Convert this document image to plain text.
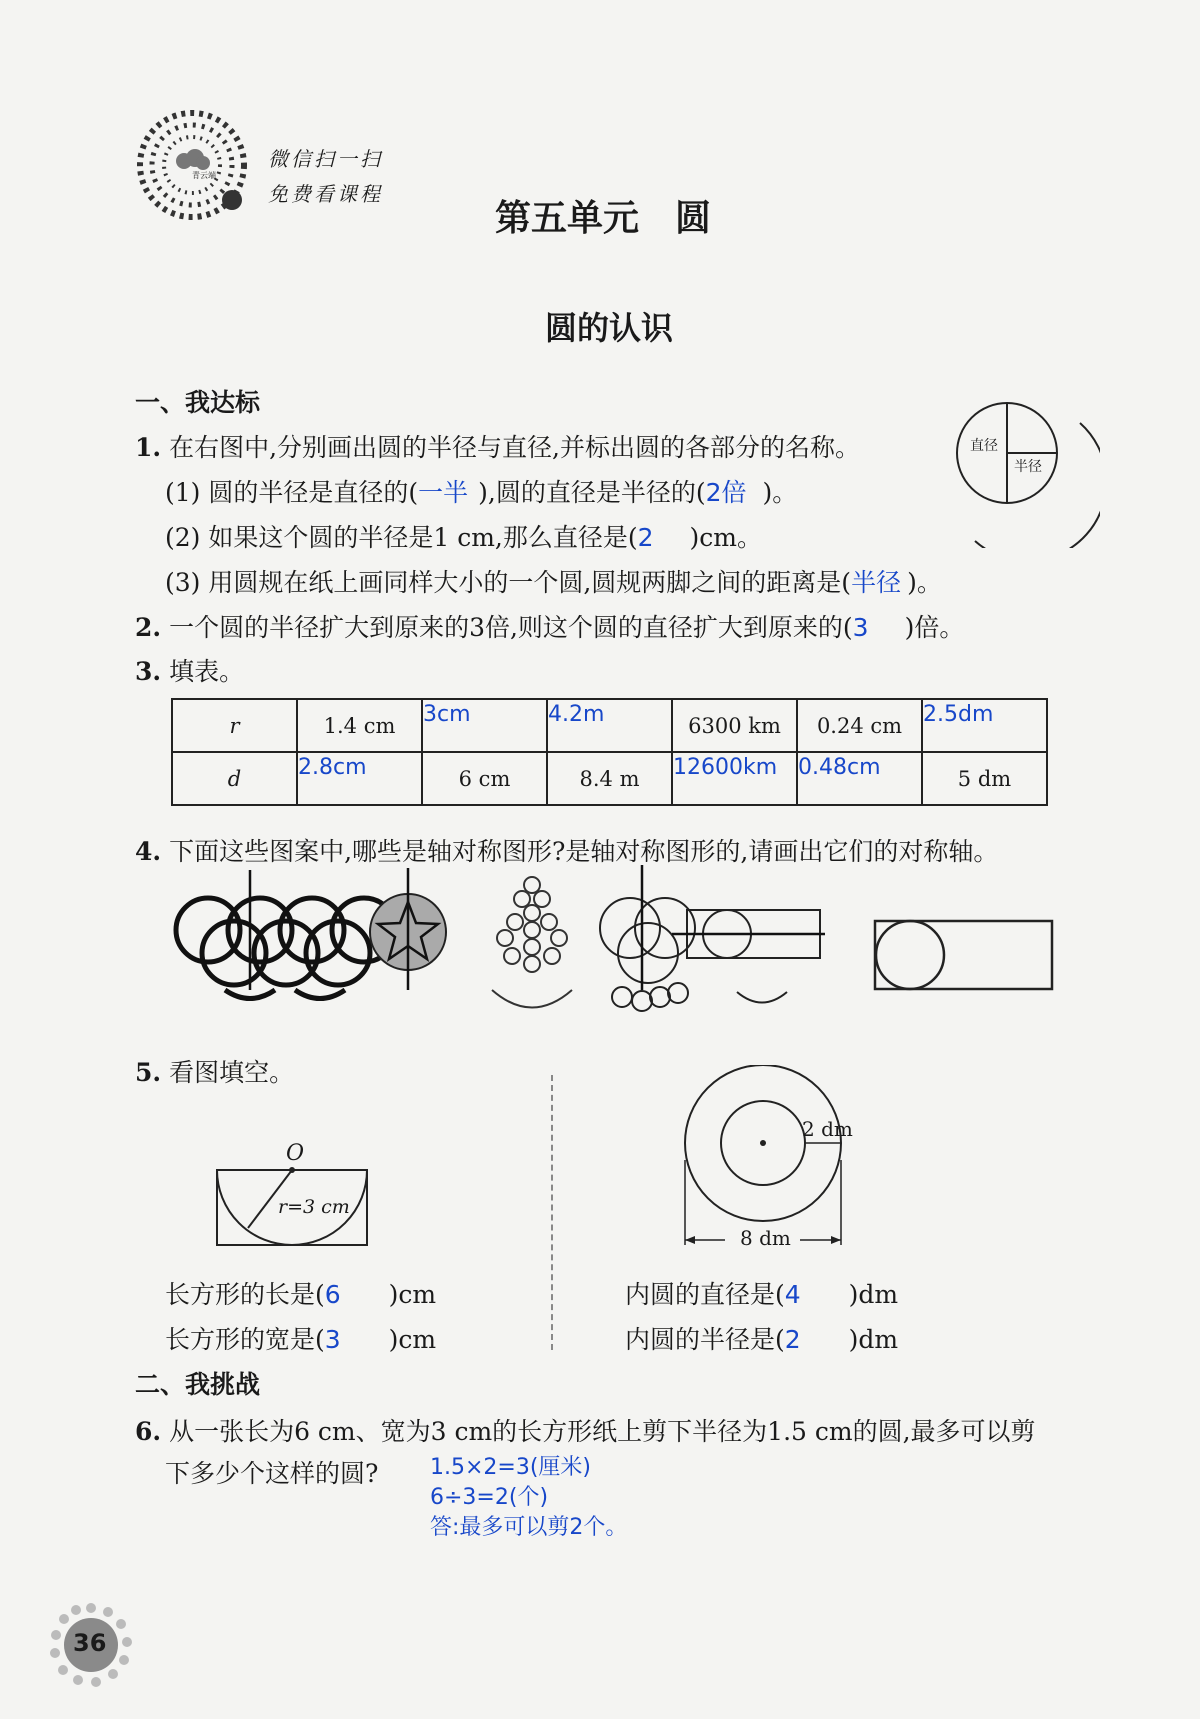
青云端
微信扫一扫
免费看课程
第五单元　圆
圆的认识
一、我达标
1. 在右图中,分别画出圆的半径与直径,并标出圆的各部分的名称。	直径
半径
(1) 圆的半径是直径的(一半 ),圆的直径是半径的(2倍 )。
(2) 如果这个圆的半径是1 cm,那么直径是(2 )cm。
(3) 用圆规在纸上画同样大小的一个圆,圆规两脚之间的距离是(半径 )。
2. 一个圆的半径扩大到原来的3倍,则这个圆的直径扩大到原来的(3 )倍。
3. 填表。
r	1.4 cm	3cm	4.2m	6300 km	0.24 cm	2.5dm

d	2.8cm	6 cm	8.4 m	12600km	0.48cm	5 dm
4. 下面这些图案中,哪些是轴对称图形?是轴对称图形的,请画出它们的对称轴。
5. 看图填空。
O
r=3 cm
2 dm
8 dm
长方形的长是(6 )cm
长方形的宽是(3 )cm
内圆的直径是(4 )dm
内圆的半径是(2 )dm
二、我挑战
6. 从一张长为6 cm、宽为3 cm的长方形纸上剪下半径为1.5 cm的圆,最多可以剪
下多少个这样的圆? 1.5×2=3(厘米)
6÷3=2(个)
答:最多可以剪2个。
36
